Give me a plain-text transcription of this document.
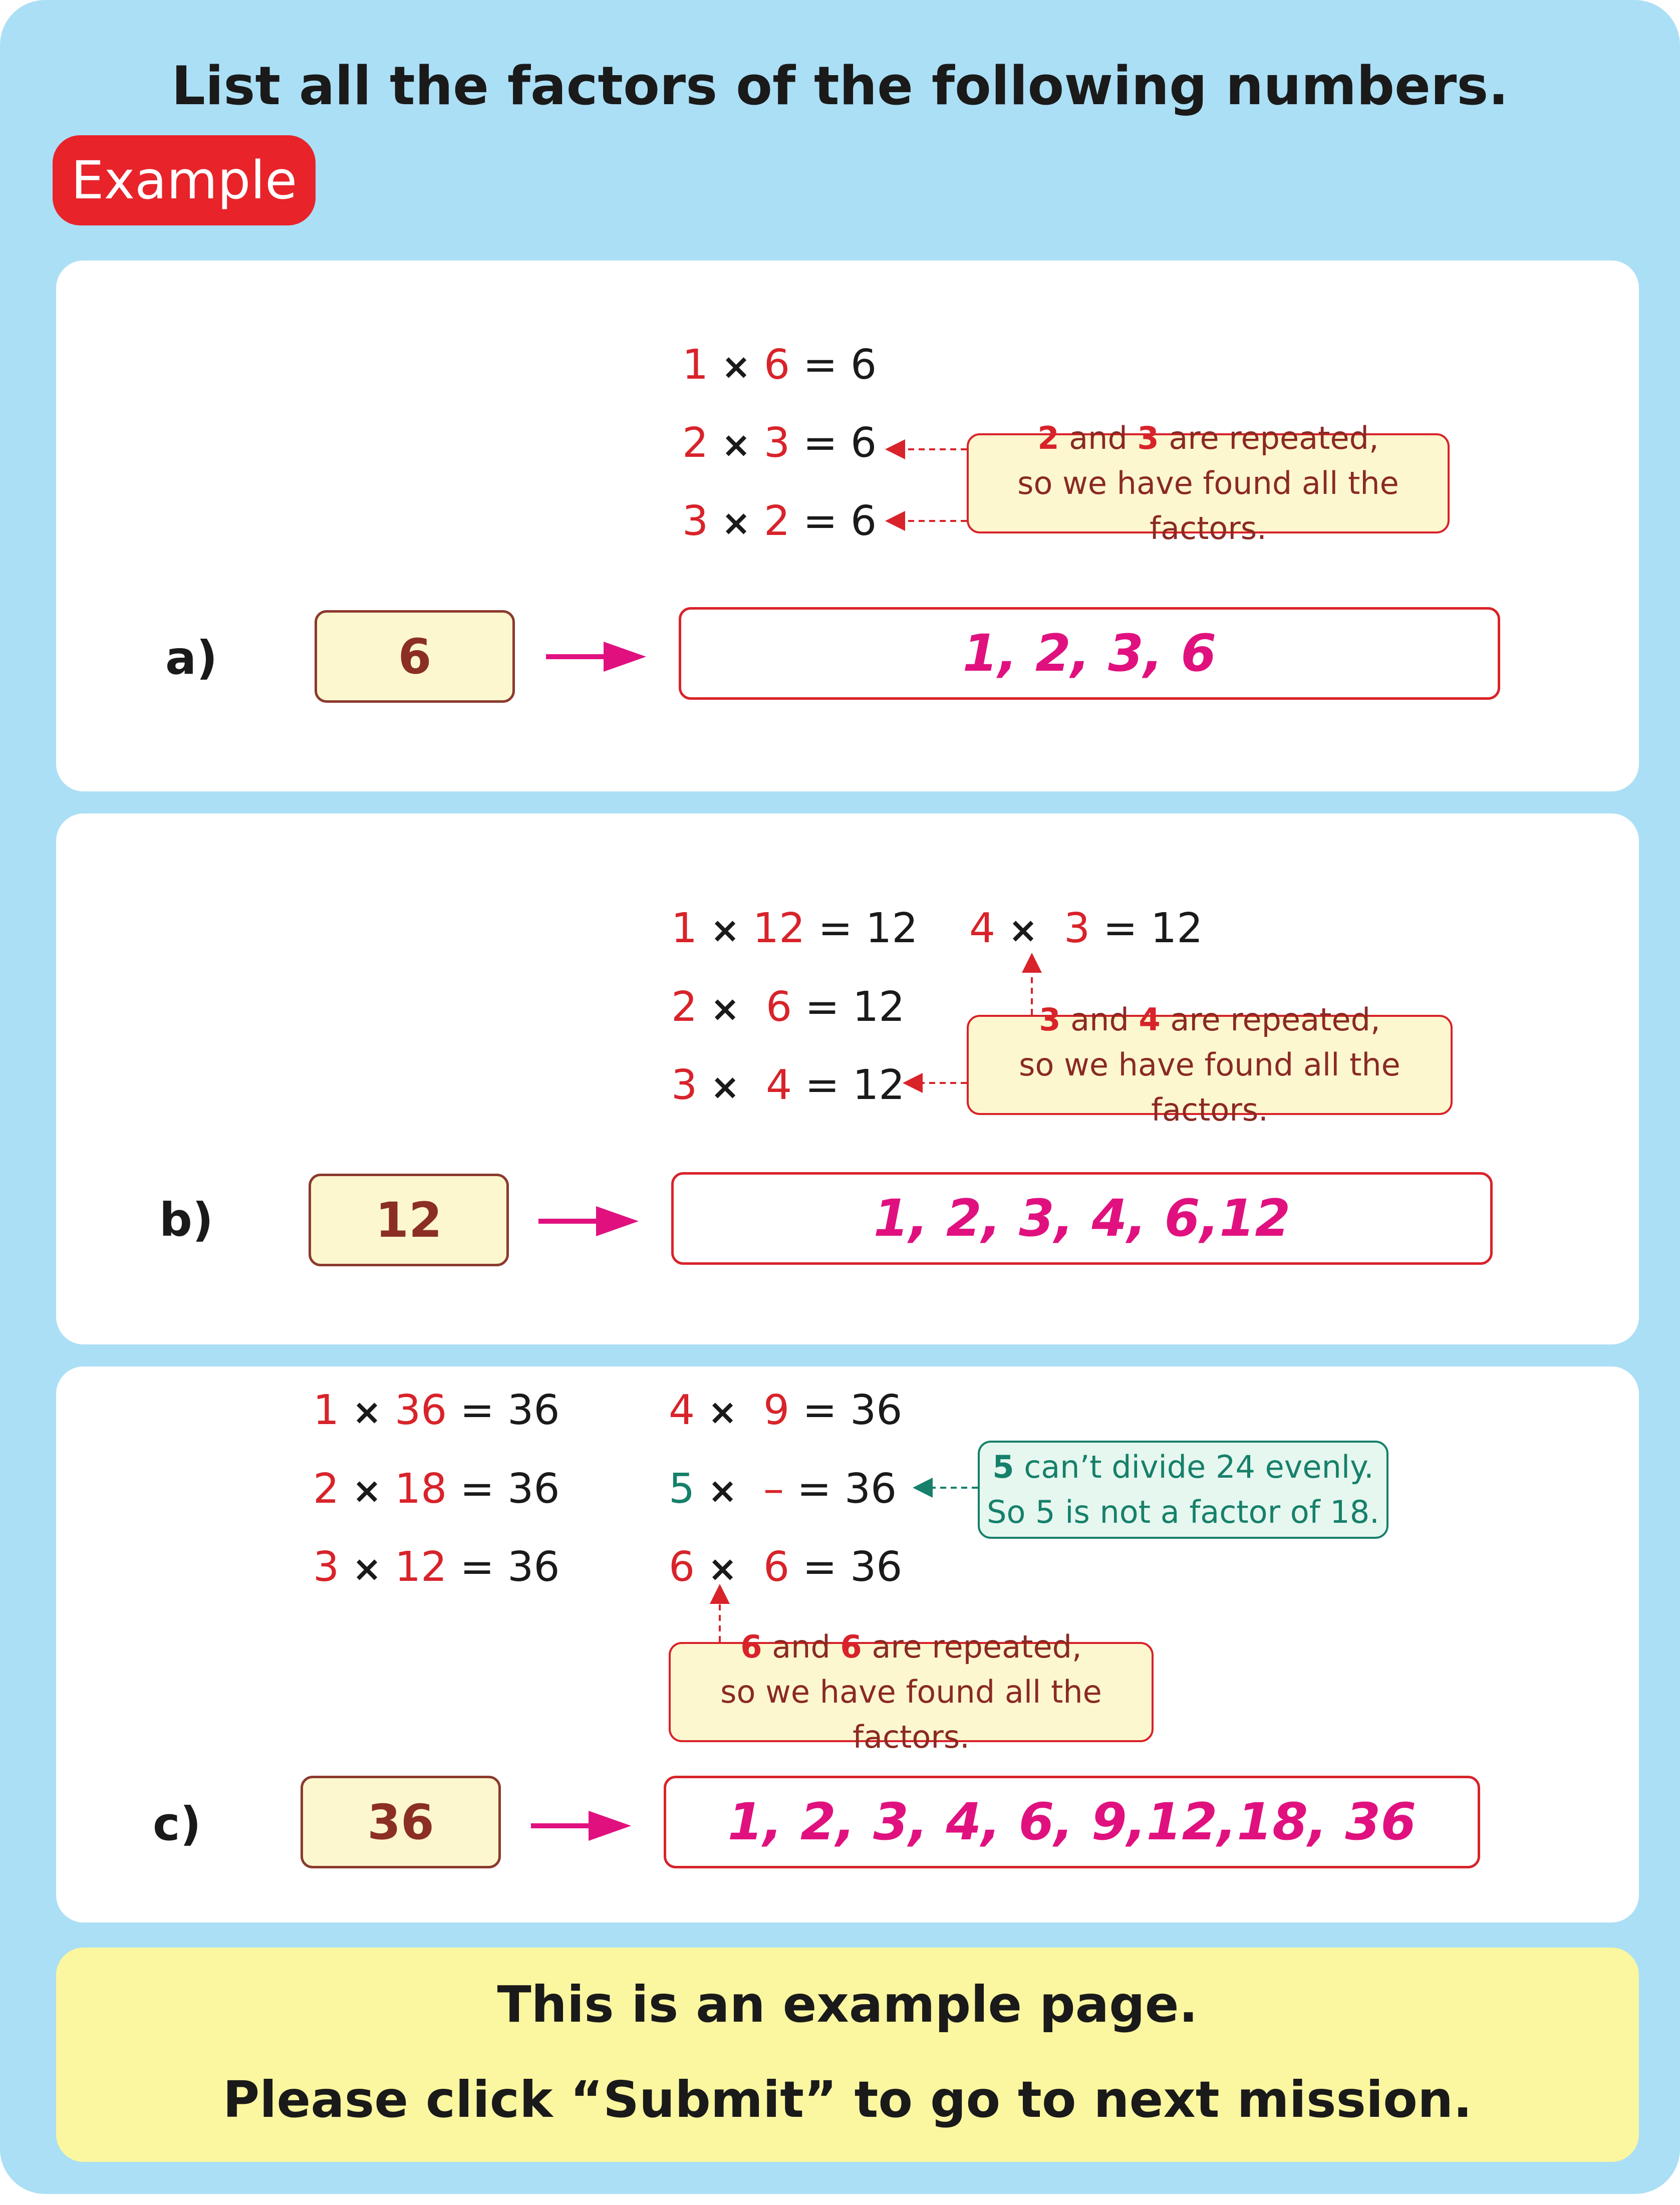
List all the factors of the following numbers.
Example
1 × 6 = 6
2 × 3 = 6
3 × 2 = 6
2 and 3 are repeated,
so we have found all the factors.
a)	6	1, 2, 3, 6
1 × 12 = 12
2 × 6 = 12
3 × 4 = 12
4 × 3 = 12
3 and 4 are repeated,
so we have found all the factors.
b)	12	1, 2, 3, 4, 6,12
1 × 36 = 36
2 × 18 = 36
3 × 12 = 36
4 × 9 = 36
5 × – = 36
6 × 6 = 36
5 can’t divide 24 evenly.
So 5 is not a factor of 18.
6 and 6 are repeated,
so we have found all the factors.
c)	36	1, 2, 3, 4, 6, 9,12,18, 36
This is an example page.
Please click “Submit” to go to next mission.
